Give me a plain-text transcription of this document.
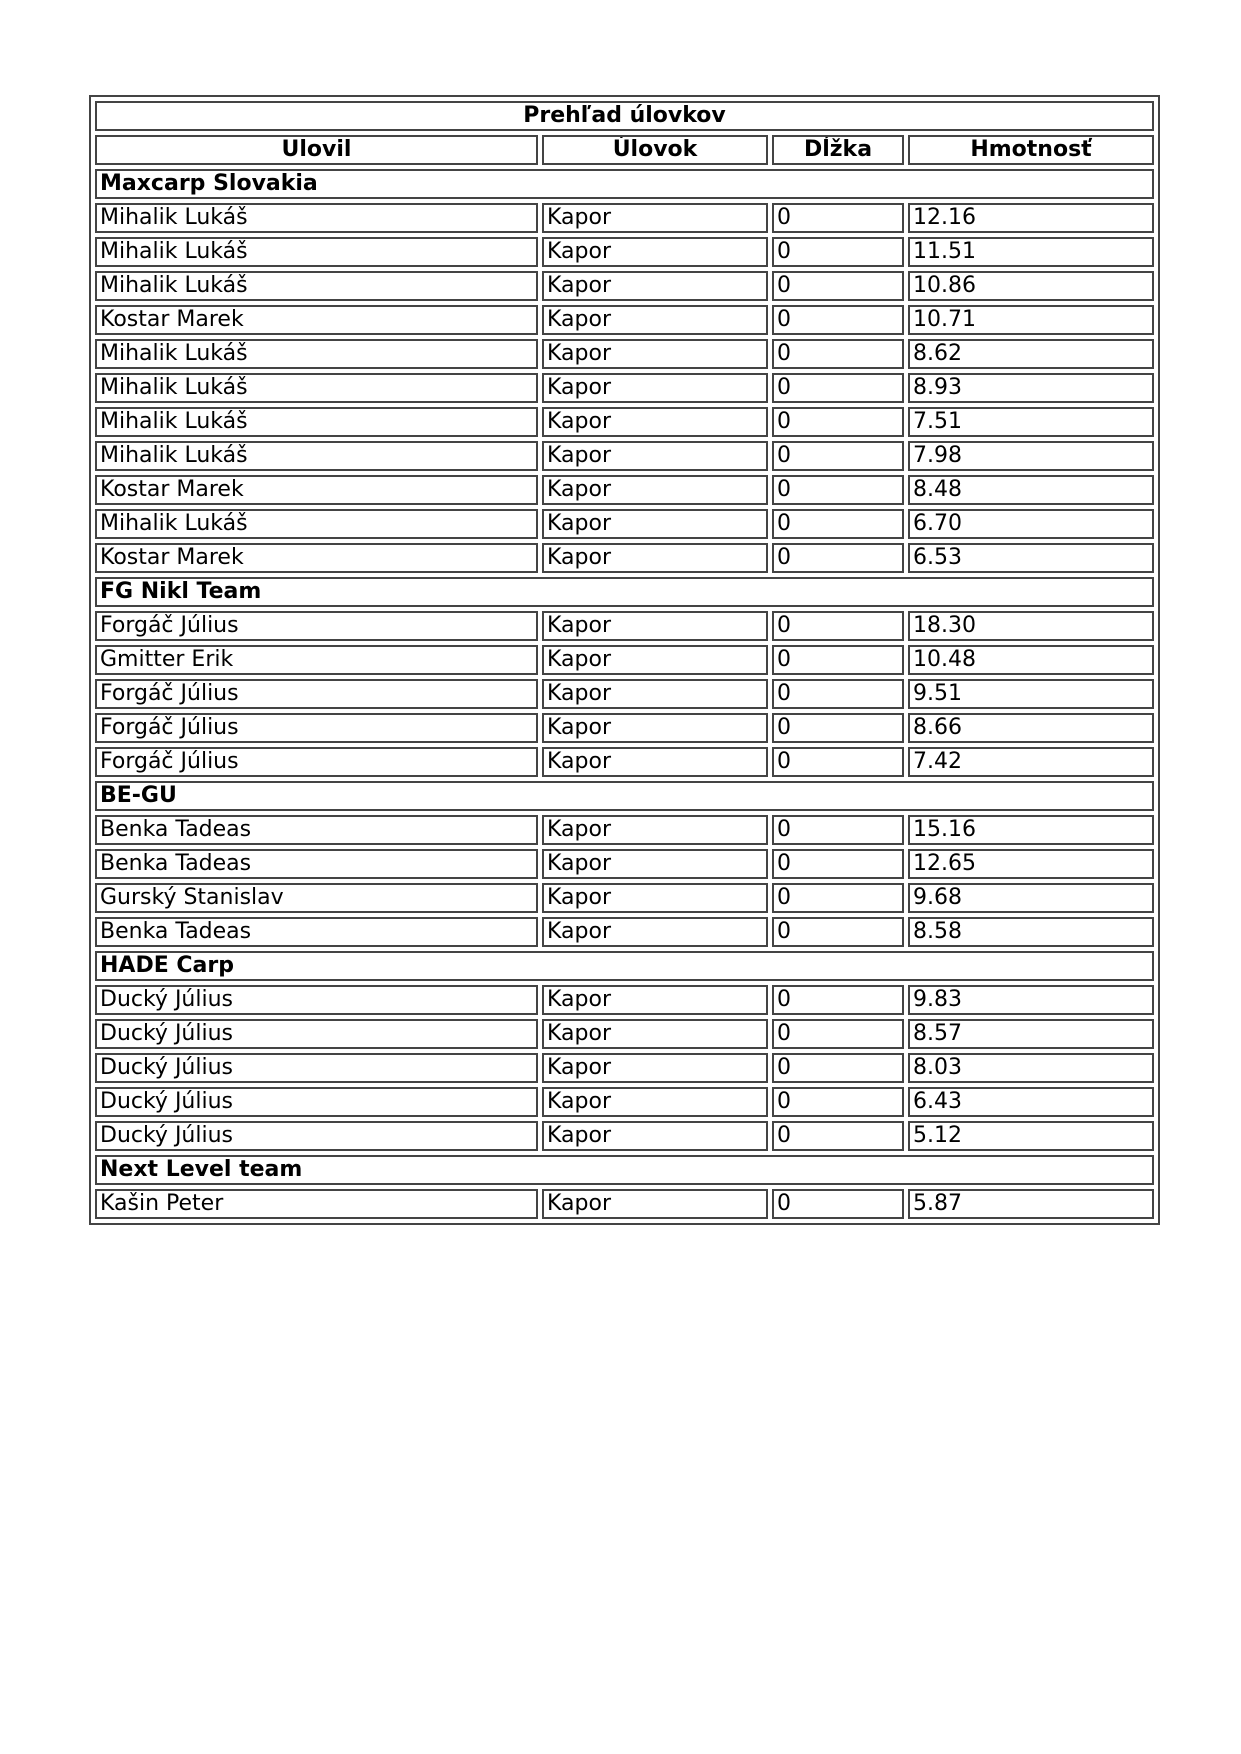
Prehľad úlovkov			
Ulovil	Úlovok	Dĺžka	Hmotnosť
Maxcarp Slovakia			
Mihalik Lukáš	Kapor	0	12.16
Mihalik Lukáš	Kapor	0	11.51
Mihalik Lukáš	Kapor	0	10.86
Kostar Marek	Kapor	0	10.71
Mihalik Lukáš	Kapor	0	8.62
Mihalik Lukáš	Kapor	0	8.93
Mihalik Lukáš	Kapor	0	7.51
Mihalik Lukáš	Kapor	0	7.98
Kostar Marek	Kapor	0	8.48
Mihalik Lukáš	Kapor	0	6.70
Kostar Marek	Kapor	0	6.53
FG Nikl Team			
Forgáč Július	Kapor	0	18.30
Gmitter Erik	Kapor	0	10.48
Forgáč Július	Kapor	0	9.51
Forgáč Július	Kapor	0	8.66
Forgáč Július	Kapor	0	7.42
BE-GU			
Benka Tadeas	Kapor	0	15.16
Benka Tadeas	Kapor	0	12.65
Gurský Stanislav	Kapor	0	9.68
Benka Tadeas	Kapor	0	8.58
HADE Carp			
Ducký Július	Kapor	0	9.83
Ducký Július	Kapor	0	8.57
Ducký Július	Kapor	0	8.03
Ducký Július	Kapor	0	6.43
Ducký Július	Kapor	0	5.12
Next Level team			
Kašin Peter	Kapor	0	5.87
